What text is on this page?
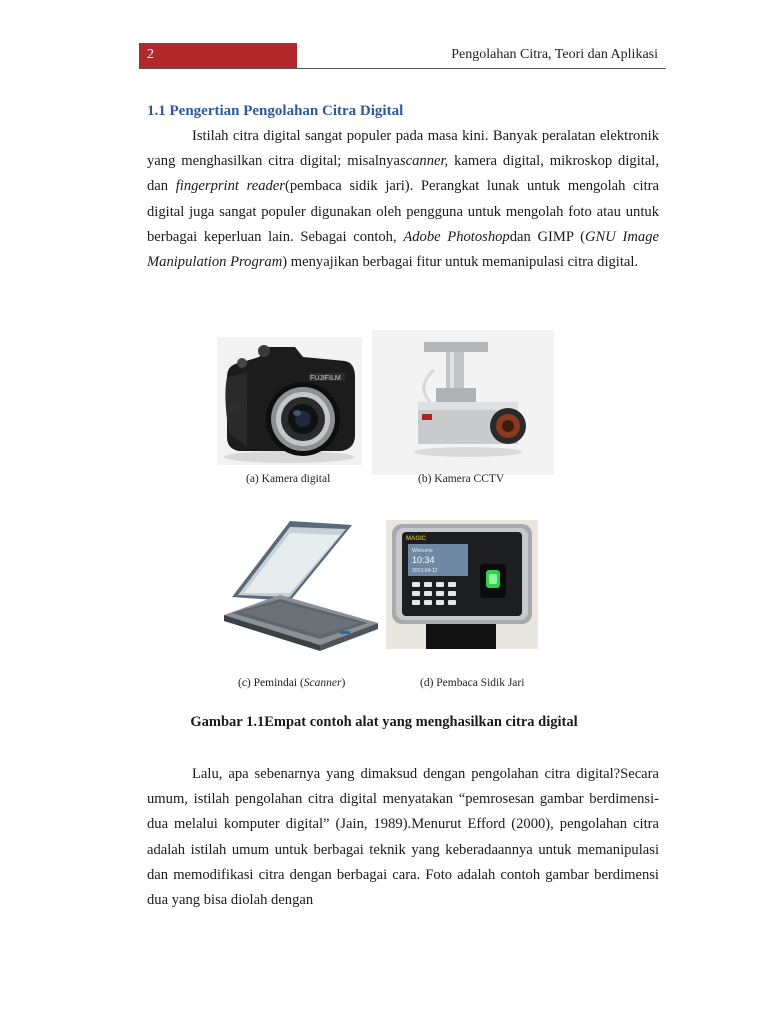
2	Pengolahan Citra, Teori dan Aplikasi
1.1 Pengertian Pengolahan Citra Digital

Istilah citra digital sangat populer pada masa kini. Banyak peralatan elektronik yang menghasilkan citra digital; misalnyascanner, kamera digital, mikroskop digital, dan fingerprint reader(pembaca sidik jari). Perangkat lunak untuk mengolah citra digital juga sangat populer digunakan oleh pengguna untuk mengolah foto atau untuk berbagai keperluan lain. Sebagai contoh, Adobe Photoshopdan GIMP (GNU Image Manipulation Program) menyajikan berbagai fitur untuk memanipulasi citra digital.

FUJIFILM
(a) Kamera digital	(b) Kamera CCTV
MAGIC
Welcome
10:34
2013-04-12
(c) Pemindai (Scanner)	(d) Pembaca Sidik Jari
Gambar 1.1Empat contoh alat yang menghasilkan citra digital

Lalu, apa sebenarnya yang dimaksud dengan pengolahan citra digital?Secara umum, istilah pengolahan citra digital menyatakan “pemrosesan gambar berdimensi-dua melalui komputer digital” (Jain, 1989).Menurut Efford (2000), pengolahan citra adalah istilah umum untuk berbagai teknik yang keberadaannya untuk memanipulasi dan memodifikasi citra dengan berbagai cara. Foto adalah contoh gambar berdimensi dua yang bisa diolah dengan
